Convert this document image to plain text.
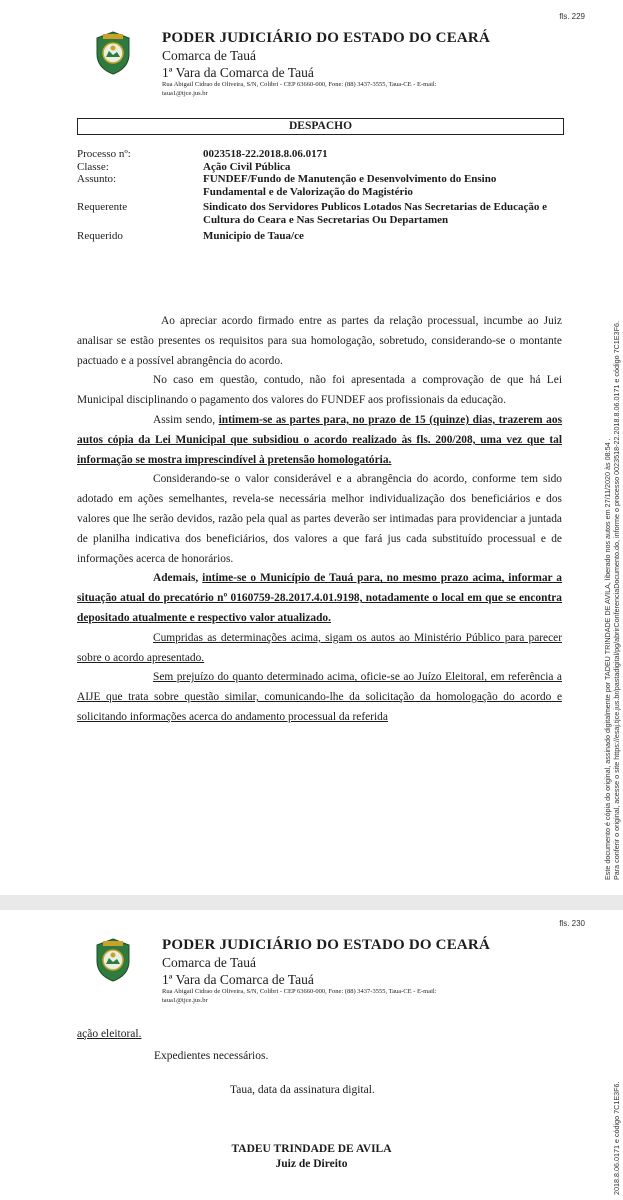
fls. 229
PODER JUDICIÁRIO DO ESTADO DO CEARÁ
Comarca de Tauá
1ª Vara da Comarca de Tauá
Rua Abigail Cidrao de Oliveira, S/N, Colibri - CEP 63660-000, Fone: (88) 3437-3555, Taua-CE - E-mail:
taua1@tjce.jus.br
DESPACHO
Processo nº:	0023518-22.2018.8.06.0171
Classe:	Ação Civil Pública
Assunto:	FUNDEF/Fundo de Manutenção e Desenvolvimento do Ensino Fundamental e de Valorização do Magistério
Requerente	Sindicato dos Servidores Publicos Lotados Nas Secretarias de Educação e Cultura do Ceara e Nas Secretarias Ou Departamen
Requerido	Municipio de Taua/ce

Ao apreciar acordo firmado entre as partes da relação processual, incumbe ao Juiz analisar se estão presentes os requisitos para sua homologação, sobretudo, considerando-se o montante pactuado e a possível abrangência do acordo.

No caso em questão, contudo, não foi apresentada a comprovação de que há Lei Municipal disciplinando o pagamento dos valores do FUNDEF aos profissionais da educação.

Assim sendo, intimem-se as partes para, no prazo de 15 (quinze) dias, trazerem aos autos cópia da Lei Municipal que subsidiou o acordo realizado às fls. 200/208, uma vez que tal informação se mostra imprescindível à pretensão homologatória.

Considerando-se o valor considerável e a abrangência do acordo, conforme tem sido adotado em ações semelhantes, revela-se necessária melhor individualização dos beneficiários e dos valores que lhe serão devidos, razão pela qual as partes deverão ser intimadas para providenciar a juntada de planilha indicativa dos beneficiários, dos valores a que fará jus cada substituído processual e de informações acerca de honorários.

Ademais, intime-se o Município de Tauá para, no mesmo prazo acima, informar a situação atual do precatório nº 0160759-28.2017.4.01.9198, notadamente o local em que se encontra depositado atualmente e respectivo valor atualizado.

Cumpridas as determinações acima, sigam os autos ao Ministério Público para parecer sobre o acordo apresentado.

Sem prejuízo do quanto determinado acima, oficie-se ao Juízo Eleitoral, em referência a AIJE que trata sobre questão similar, comunicando-lhe da solicitação da homologação do acordo e solicitando informações acerca do andamento processual da referida	Este documento é cópia do original, assinado digitalmente por TADEU TRINDADE DE AVILA, liberado nos autos em 27/11/2020 às 08:54 . Para conferir o original, acesse o site https://esaj.tjce.jus.br/pastadigital/pg/abrirConferenciaDocumento.do, informe o processo 0023518-22.2018.8.06.0171 e código 7C1E3F6.
fls. 230
PODER JUDICIÁRIO DO ESTADO DO CEARÁ
Comarca de Tauá
1ª Vara da Comarca de Tauá
Rua Abigail Cidrao de Oliveira, S/N, Colibri - CEP 63660-000, Fone: (88) 3437-3555, Taua-CE - E-mail:
taua1@tjce.jus.br
ação eleitoral.
Expedientes necessários.
Taua, data da assinatura digital.
TADEU TRINDADE DE AVILA
Juiz de Direito	2018.8.06.0171 e código 7C1E3F6.
